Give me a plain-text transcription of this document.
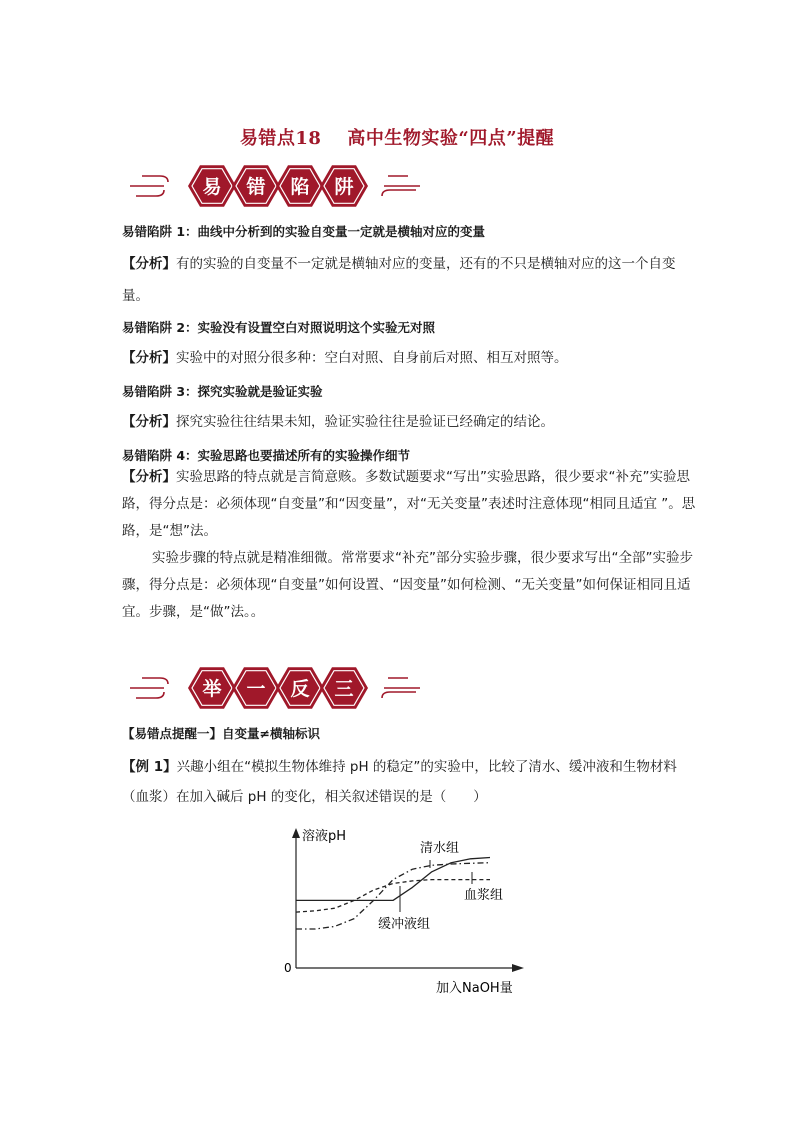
易错点18 高中生物实验“四点”提醒
易 错 陷 阱
易错陷阱 1：曲线中分析到的实验自变量一定就是横轴对应的变量

【分析】有的实验的自变量不一定就是横轴对应的变量，还有的不只是横轴对应的这一个自变量。

易错陷阱 2：实验没有设置空白对照说明这个实验无对照

【分析】实验中的对照分很多种：空白对照、自身前后对照、相互对照等。

易错陷阱 3：探究实验就是验证实验

【分析】探究实验往往结果未知，验证实验往往是验证已经确定的结论。

易错陷阱 4：实验思路也要描述所有的实验操作细节

【分析】实验思路的特点就是言简意赅。多数试题要求“写出”实验思路，很少要求“补充”实验思路，得分点是：必须体现“自变量”和“因变量”，对“无关变量”表述时注意体现“相同且适宜 ”。思路，是“想”法。

实验步骤的特点就是精准细微。常常要求“补充”部分实验步骤，很少要求写出“全部”实验步骤，得分点是：必须体现“自变量”如何设置、“因变量”如何检测、“无关变量”如何保证相同且适宜。步骤，是“做”法。。

举 一 反 三
【易错点提醒一】自变量≠横轴标识

【例 1】兴趣小组在“模拟生物体维持 pH 的稳定”的实验中，比较了清水、缓冲液和生物材料（血浆）在加入碱后 pH 的变化，相关叙述错误的是（　　）

溶液pH
0
加入NaOH量
清水组
血浆组
缓冲液组
